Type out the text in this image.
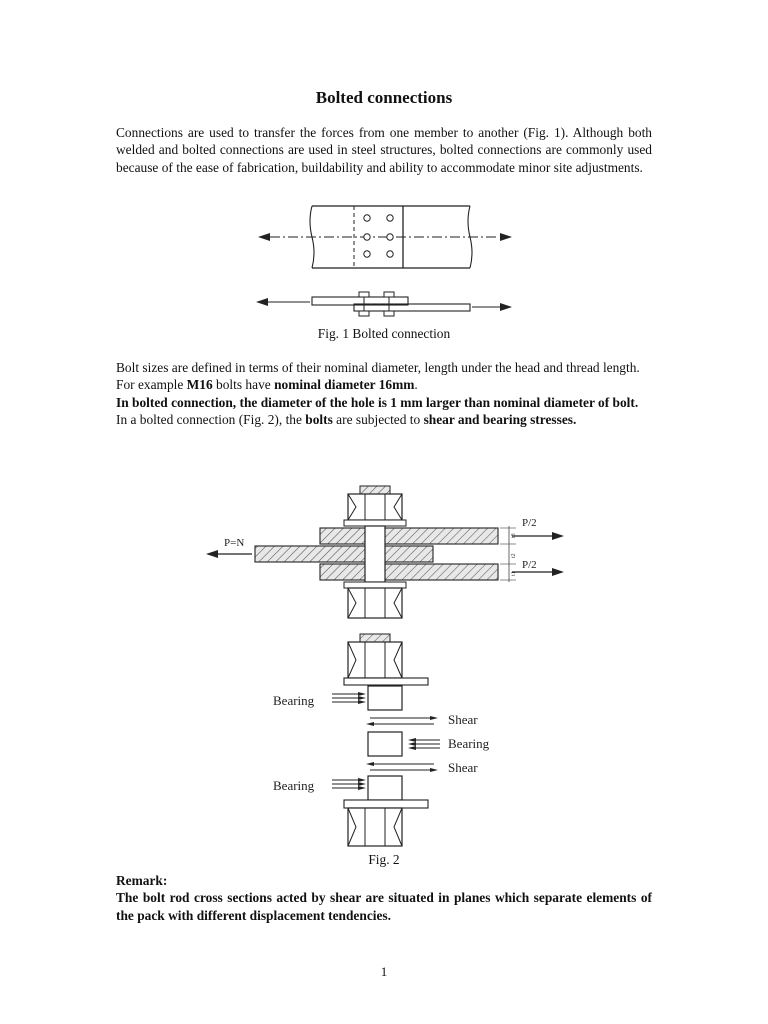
Bolted connections

Connections are used to transfer the forces from one member to another (Fig. 1). Although both welded and bolted connections are used in steel structures, bolted connections are commonly used because of the ease of fabrication, buildability and ability to accommodate minor site adjustments.

Fig. 1 Bolted connection

Bolt sizes are defined in terms of their nominal diameter, length under the head and thread length.

For example M16 bolts have nominal diameter 16mm.

In bolted connection, the diameter of the hole is 1 mm larger than nominal diameter of bolt.

In a bolted connection (Fig. 2), the bolts are subjected to shear and bearing stresses.

P=N
P/2
P/2
t3
t2
t1
Bearing
Shear
Bearing
Shear
Bearing
Fig. 2

Remark:

The bolt rod cross sections acted by shear are situated in planes which separate elements of the pack with different displacement tendencies.

1
